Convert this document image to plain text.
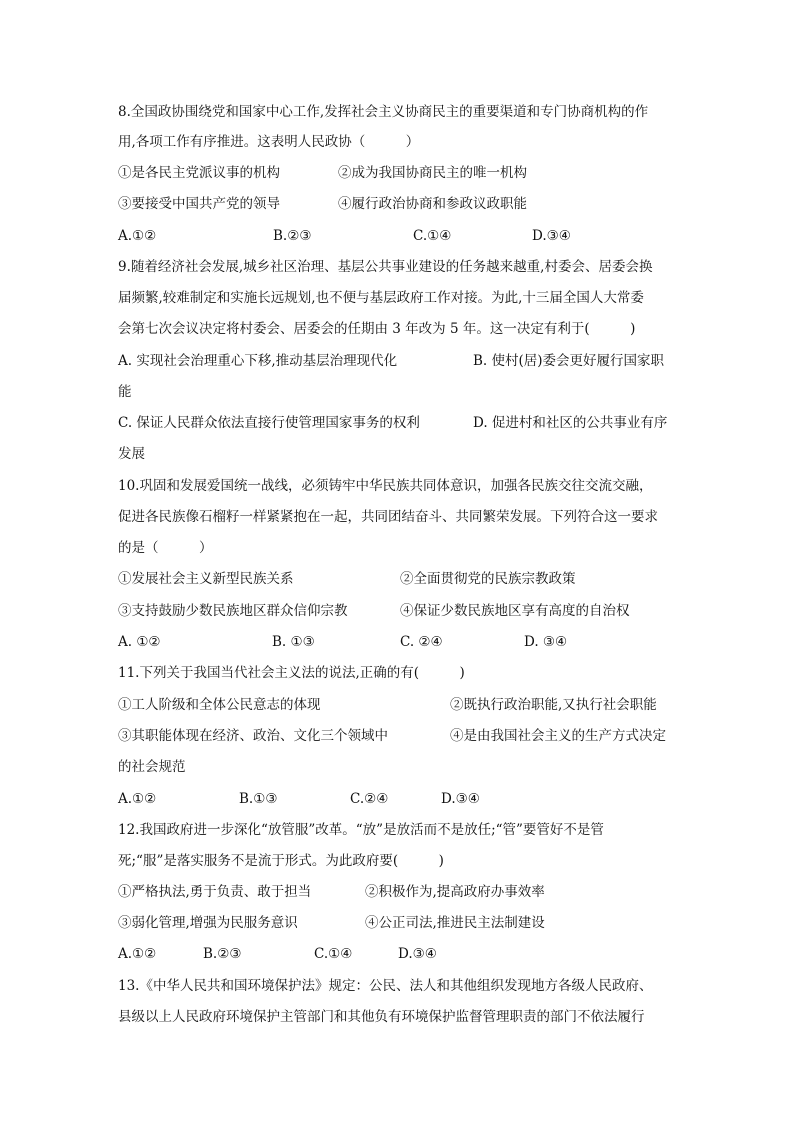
8.全国政协围绕党和国家中心工作,发挥社会主义协商民主的重要渠道和专门协商机构的作
用,各项工作有序推进。这表明人民政协（　　　）
①是各民主党派议事的机构	②成为我国协商民主的唯一机构
③要接受中国共产党的领导	④履行政治协商和参政议政职能
A.①②	B.②③	C.①④	D.③④
9.随着经济社会发展,城乡社区治理、基层公共事业建设的任务越来越重,村委会、居委会换
届频繁,较难制定和实施长远规划,也不便与基层政府工作对接。为此,十三届全国人大常委
会第七次会议决定将村委会、居委会的任期由 3 年改为 5 年。这一决定有利于(　　　)
A. 实现社会治理重心下移,推动基层治理现代化	B. 使村(居)委会更好履行国家职
能
C. 保证人民群众依法直接行使管理国家事务的权利	D. 促进村和社区的公共事业有序
发展
10.巩固和发展爱国统一战线，必须铸牢中华民族共同体意识，加强各民族交往交流交融，
促进各民族像石榴籽一样紧紧抱在一起，共同团结奋斗、共同繁荣发展。下列符合这一要求
的是（　　　）
①发展社会主义新型民族关系	②全面贯彻党的民族宗教政策
③支持鼓励少数民族地区群众信仰宗教	④保证少数民族地区享有高度的自治权
A. ①②	B. ①③	C. ②④	D. ③④
11.下列关于我国当代社会主义法的说法,正确的有(　　　)
①工人阶级和全体公民意志的体现	②既执行政治职能,又执行社会职能
③其职能体现在经济、政治、文化三个领域中	④是由我国社会主义的生产方式决定
的社会规范
A.①②	B.①③	C.②④	D.③④
12.我国政府进一步深化“放管服”改革。“放”是放活而不是放任;“管”要管好不是管
死;“服”是落实服务不是流于形式。为此政府要(　　　)
①严格执法,勇于负责、敢于担当	②积极作为,提高政府办事效率
③弱化管理,增强为民服务意识	④公正司法,推进民主法制建设
A.①②	B.②③	C.①④	D.③④
13.《中华人民共和国环境保护法》规定：公民、法人和其他组织发现地方各级人民政府、
县级以上人民政府环境保护主管部门和其他负有环境保护监督管理职责的部门不依法履行
